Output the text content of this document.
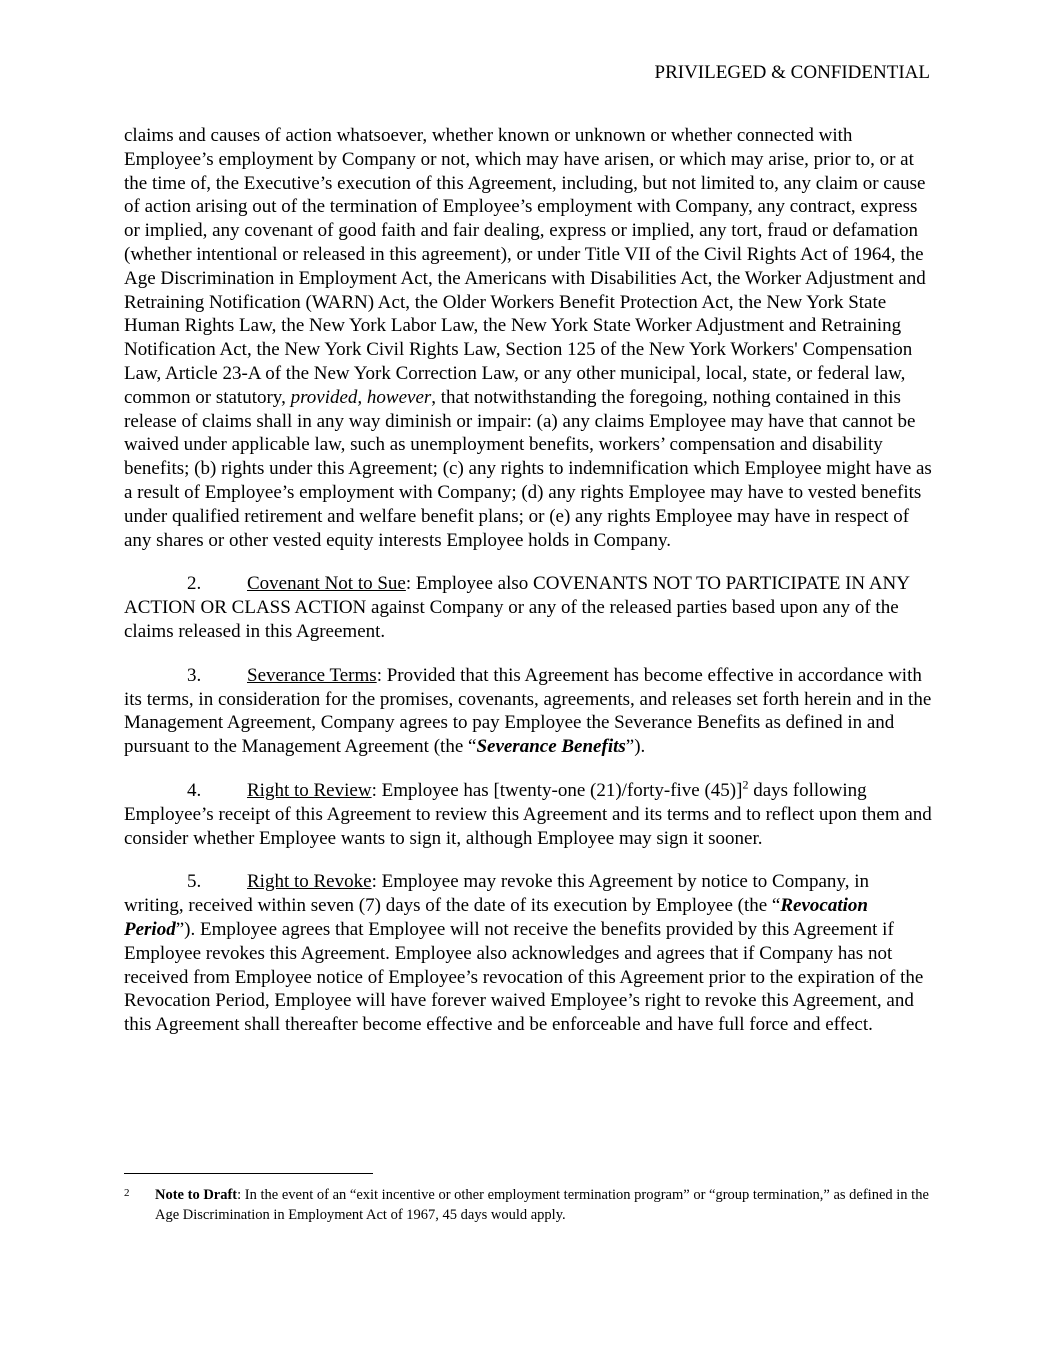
PRIVILEGED & CONFIDENTIAL

claims and causes of action whatsoever, whether known or unknown or whether connected with Employee’s employment by Company or not, which may have arisen, or which may arise, prior to, or at the time of, the Executive’s execution of this Agreement, including, but not limited to, any claim or cause of action arising out of the termination of Employee’s employment with Company, any contract, express or implied, any covenant of good faith and fair dealing, express or implied, any tort, fraud or defamation (whether intentional or released in this agreement), or under Title VII of the Civil Rights Act of 1964, the Age Discrimination in Employment Act, the Americans with Disabilities Act, the Worker Adjustment and Retraining Notification (WARN) Act, the Older Workers Benefit Protection Act, the New York State Human Rights Law, the New York Labor Law, the New York State Worker Adjustment and Retraining Notification Act, the New York Civil Rights Law, Section 125 of the New York Workers' Compensation Law, Article 23-A of the New York Correction Law, or any other municipal, local, state, or federal law, common or statutory, provided, however, that notwithstanding the foregoing, nothing contained in this release of claims shall in any way diminish or impair: (a) any claims Employee may have that cannot be waived under applicable law, such as unemployment benefits, workers’ compensation and disability benefits; (b) rights under this Agreement; (c) any rights to indemnification which Employee might have as a result of Employee’s employment with Company; (d) any rights Employee may have to vested benefits under qualified retirement and welfare benefit plans; or (e) any rights Employee may have in respect of any shares or other vested equity interests Employee holds in Company.

2. Covenant Not to Sue: Employee also COVENANTS NOT TO PARTICIPATE IN ANY ACTION OR CLASS ACTION against Company or any of the released parties based upon any of the claims released in this Agreement.

3. Severance Terms: Provided that this Agreement has become effective in accordance with its terms, in consideration for the promises, covenants, agreements, and releases set forth herein and in the Management Agreement, Company agrees to pay Employee the Severance Benefits as defined in and pursuant to the Management Agreement (the “Severance Benefits”).

4. Right to Review: Employee has [twenty-one (21)/forty-five (45)]$^2$ days following Employee’s receipt of this Agreement to review this Agreement and its terms and to reflect upon them and consider whether Employee wants to sign it, although Employee may sign it sooner.

5. Right to Revoke: Employee may revoke this Agreement by notice to Company, in writing, received within seven (7) days of the date of its execution by Employee (the “Revocation Period”). Employee agrees that Employee will not receive the benefits provided by this Agreement if Employee revokes this Agreement. Employee also acknowledges and agrees that if Company has not received from Employee notice of Employee’s revocation of this Agreement prior to the expiration of the Revocation Period, Employee will have forever waived Employee’s right to revoke this Agreement, and this Agreement shall thereafter become effective and be enforceable and have full force and effect.

2 Note to Draft: In the event of an “exit incentive or other employment termination program” or “group termination,” as defined in the Age Discrimination in Employment Act of 1967, 45 days would apply.
